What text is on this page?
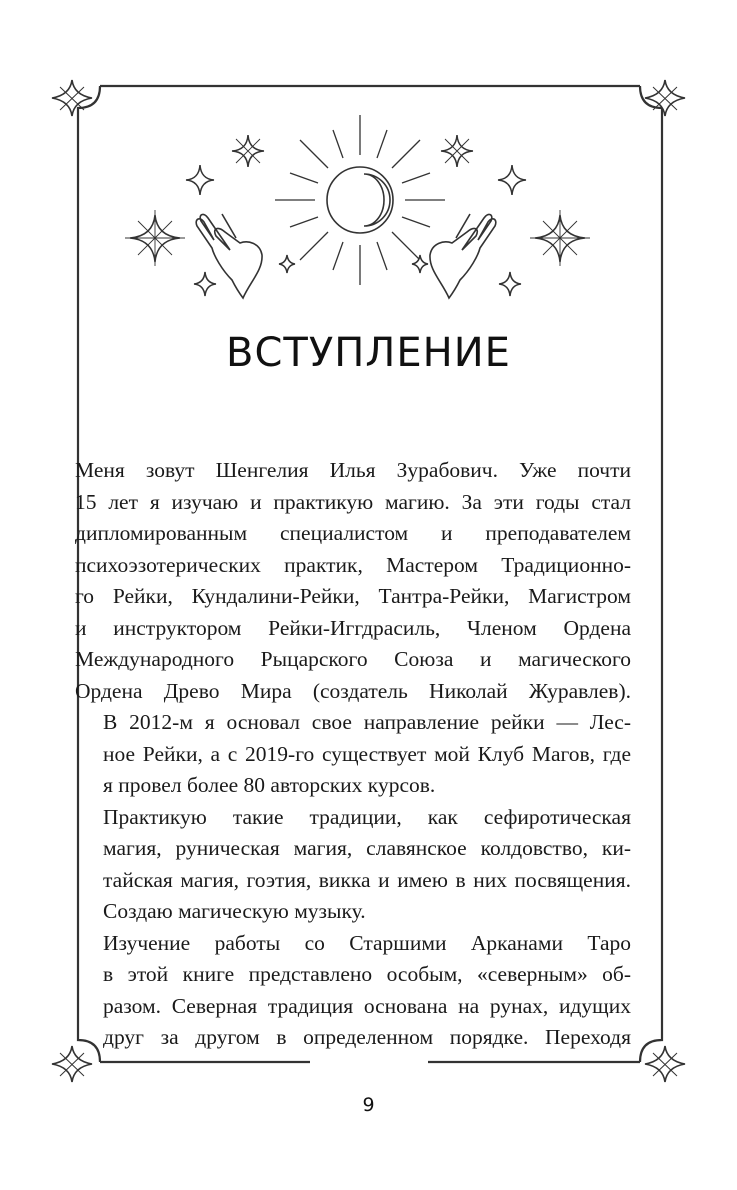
ВСТУПЛЕНИЕ

Меня зовут Шенгелия Илья Зурабович. Уже почти
15 лет я изучаю и практикую магию. За эти годы стал
дипломированным специалистом и преподавателем
психоэзотерических практик, Мастером Традиционно-
го Рейки, Кундалини-Рейки, Тантра-Рейки, Магистром
и инструктором Рейки-Иггдрасиль, Членом Ордена
Международного Рыцарского Союза и магического
Ордена Древо Мира (создатель Николай Журавлев).

В 2012-м я основал свое направление рейки — Лес-
ное Рейки, а с 2019-го существует мой Клуб Магов, где
я провел более 80 авторских курсов.

Практикую такие традиции, как сефиротическая
магия, руническая магия, славянское колдовство, ки-
тайская магия, гоэтия, викка и имею в них посвящения.
Создаю магическую музыку.

Изучение работы со Старшими Арканами Таро
в этой книге представлено особым, «северным» об-
разом. Северная традиция основана на рунах, идущих
друг за другом в определенном порядке. Переходя

9
